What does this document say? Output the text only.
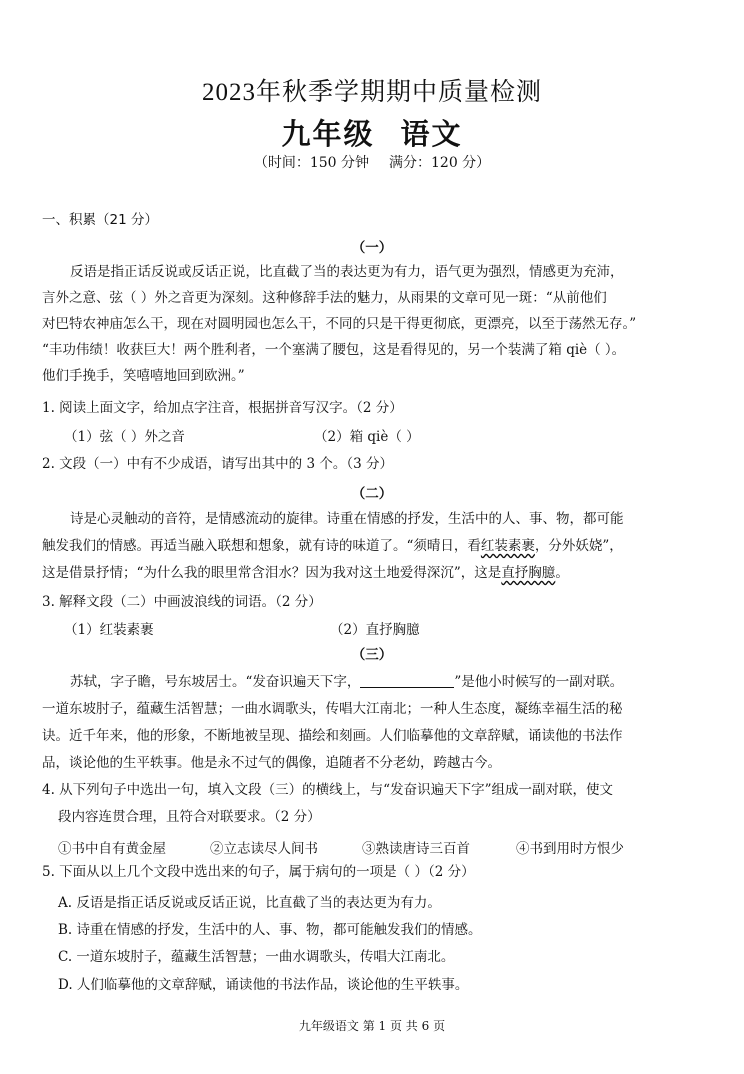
2023年秋季学期期中质量检测
九年级 语文
（时间：150 分钟 满分：120 分）
一、积累（21 分）
（一）
反语是指正话反说或反话正说，比直截了当的表达更为有力，语气更为强烈，情感更为充沛，
言外之意、弦（ ）外之音更为深刻。这种修辞手法的魅力，从雨果的文章可见一斑：“从前他们
对巴特农神庙怎么干，现在对圆明园也怎么干，不同的只是干得更彻底，更漂亮，以至于荡然无存。”
“丰功伟绩！收获巨大！两个胜利者，一个塞满了腰包，这是看得见的，另一个装满了箱 qiè（ ）。
他们手挽手，笑嘻嘻地回到欧洲。”
1. 阅读上面文字，给加点字注音，根据拼音写汉字。（2 分）
（1）弦（ ）外之音	（2）箱 qiè（ ）
2. 文段（一）中有不少成语，请写出其中的 3 个。（3 分）
（二）
诗是心灵触动的音符，是情感流动的旋律。诗重在情感的抒发，生活中的人、事、物，都可能
触发我们的情感。再适当融入联想和想象，就有诗的味道了。“须晴日，看红装素裹，分外妖娆”，
这是借景抒情；“为什么我的眼里常含泪水？因为我对这土地爱得深沉”，这是直抒胸臆。
3. 解释文段（二）中画波浪线的词语。（2 分）
（1）红装素裹	（2）直抒胸臆
（三）
苏轼，字子瞻，号东坡居士。“发奋识遍天下字，	”是他小时候写的一副对联。
一道东坡肘子，蕴藏生活智慧；一曲水调歌头，传唱大江南北；一种人生态度，凝练幸福生活的秘
诀。近千年来，他的形象，不断地被呈现、描绘和刻画。人们临摹他的文章辞赋，诵读他的书法作
品，谈论他的生平轶事。他是永不过气的偶像，追随者不分老幼，跨越古今。
4. 从下列句子中选出一句，填入文段（三）的横线上，与“发奋识遍天下字”组成一副对联，使文
段内容连贯合理，且符合对联要求。（2 分）
①书中自有黄金屋	②立志读尽人间书	③熟读唐诗三百首	④书到用时方恨少
5. 下面从以上几个文段中选出来的句子，属于病句的一项是（ ）（2 分）
A. 反语是指正话反说或反话正说，比直截了当的表达更为有力。
B. 诗重在情感的抒发，生活中的人、事、物，都可能触发我们的情感。
C. 一道东坡肘子，蕴藏生活智慧；一曲水调歌头，传唱大江南北。
D. 人们临摹他的文章辞赋，诵读他的书法作品，谈论他的生平轶事。
九年级语文 第 1 页 共 6 页
